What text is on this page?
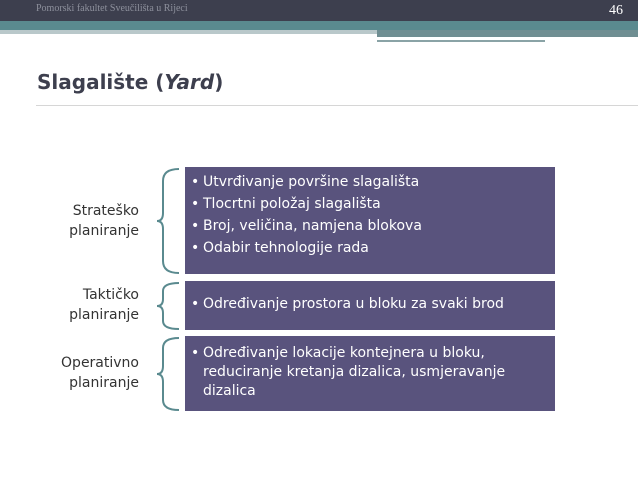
Pomorski fakultet Sveučilišta u Rijeci	46
Slagalište (Yard)
Strateško
planiranje
• Utvrđivanje površine slagališta
• Tlocrtni položaj slagališta
• Broj, veličina, namjena blokova
• Odabir tehnologije rada
Taktičko
planiranje
• Određivanje prostora u bloku za svaki brod
Operativno
planiranje
• Određivanje lokacije kontejnera u bloku, reduciranje kretanja dizalica, usmjeravanje dizalica
